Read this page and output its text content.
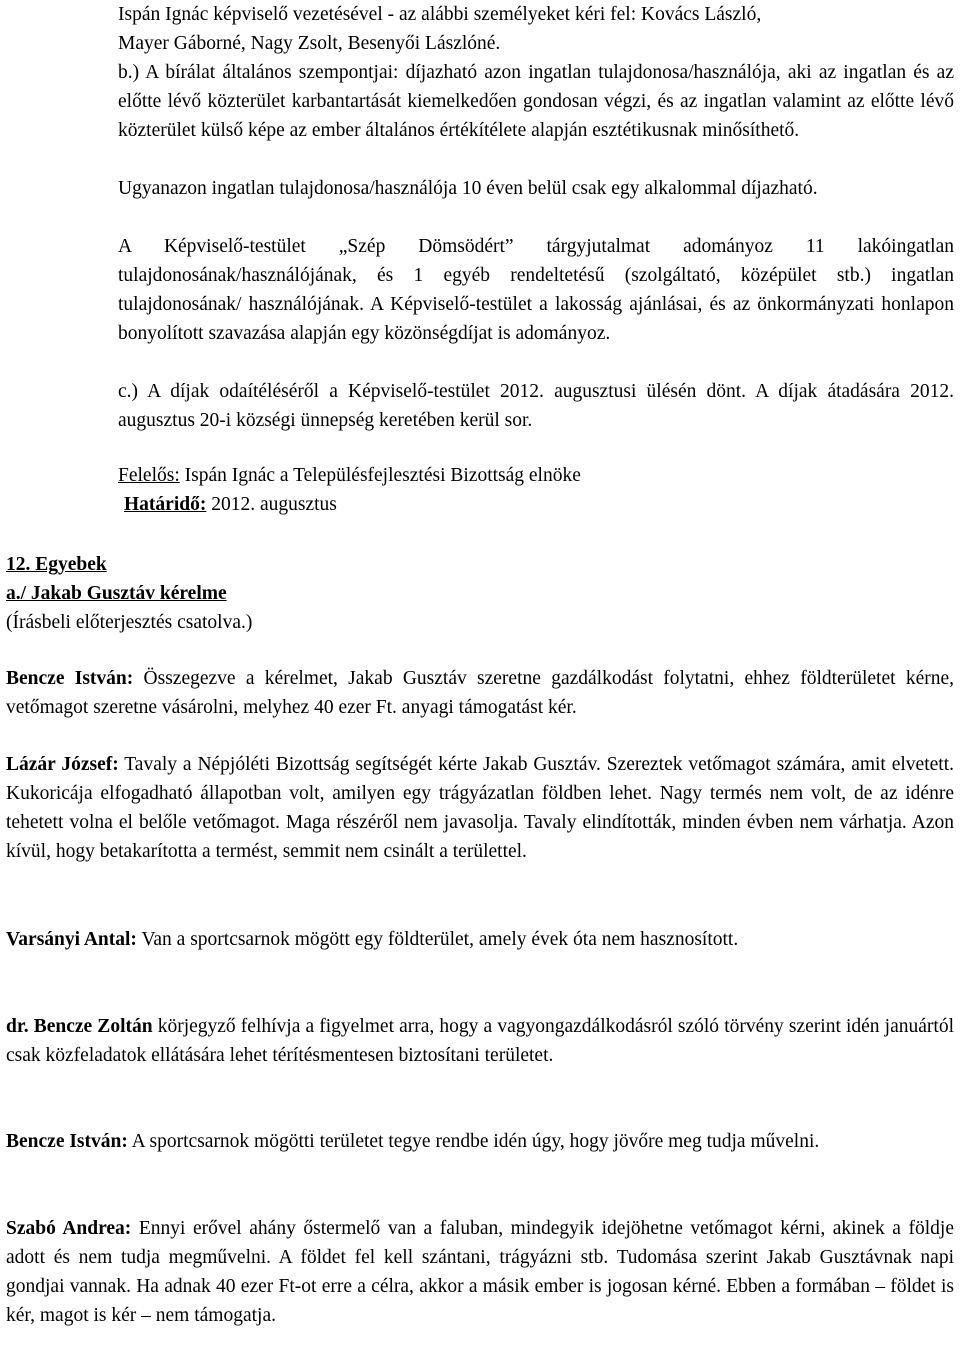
Ispán Ignác képviselő vezetésével - az alábbi személyeket kéri fel: Kovács László,

Mayer Gáborné, Nagy Zsolt, Besenyői Lászlóné.

b.) A bírálat általános szempontjai: díjazható azon ingatlan tulajdonosa/használója, aki az ingatlan és az előtte lévő közterület karbantartását kiemelkedően gondosan végzi, és az ingatlan valamint az előtte lévő közterület külső képe az ember általános értékítélete alapján esztétikusnak minősíthető.

Ugyanazon ingatlan tulajdonosa/használója 10 éven belül csak egy alkalommal díjazható.

A Képviselő-testület „Szép Dömsödért” tárgyjutalmat adományoz 11 lakóingatlan tulajdonosának/használójának, és 1 egyéb rendeltetésű (szolgáltató, középület stb.) ingatlan tulajdonosának/ használójának. A Képviselő-testület a lakosság ajánlásai, és az önkormányzati honlapon bonyolított szavazása alapján egy közönségdíjat is adományoz.

c.) A díjak odaítéléséről a Képviselő-testület 2012. augusztusi ülésén dönt. A díjak átadására 2012. augusztus 20-i községi ünnepség keretében kerül sor.

Felelős: Ispán Ignác a Településfejlesztési Bizottság elnöke
Határidő: 2012. augusztus
12. Egyebek
a./ Jakab Gusztáv kérelme

(Írásbeli előterjesztés csatolva.)

Bencze István: Összegezve a kérelmet, Jakab Gusztáv szeretne gazdálkodást folytatni, ehhez földterületet kérne, vetőmagot szeretne vásárolni, melyhez 40 ezer Ft. anyagi támogatást kér.

Lázár József: Tavaly a Népjóléti Bizottság segítségét kérte Jakab Gusztáv. Szereztek vetőmagot számára, amit elvetett. Kukoricája elfogadható állapotban volt, amilyen egy trágyázatlan földben lehet. Nagy termés nem volt, de az idénre tehetett volna el belőle vetőmagot. Maga részéről nem javasolja. Tavaly elindították, minden évben nem várhatja. Azon kívül, hogy betakarította a termést, semmit nem csinált a területtel.

Varsányi Antal: Van a sportcsarnok mögött egy földterület, amely évek óta nem hasznosított.

dr. Bencze Zoltán körjegyző felhívja a figyelmet arra, hogy a vagyongazdálkodásról szóló törvény szerint idén januártól csak közfeladatok ellátására lehet térítésmentesen biztosítani területet.

Bencze István: A sportcsarnok mögötti területet tegye rendbe idén úgy, hogy jövőre meg tudja művelni.

Szabó Andrea: Ennyi erővel ahány őstermelő van a faluban, mindegyik idejöhetne vetőmagot kérni, akinek a földje adott és nem tudja megművelni. A földet fel kell szántani, trágyázni stb. Tudomása szerint Jakab Gusztávnak napi gondjai vannak. Ha adnak 40 ezer Ft-ot erre a célra, akkor a másik ember is jogosan kérné. Ebben a formában – földet is kér, magot is kér – nem támogatja.
